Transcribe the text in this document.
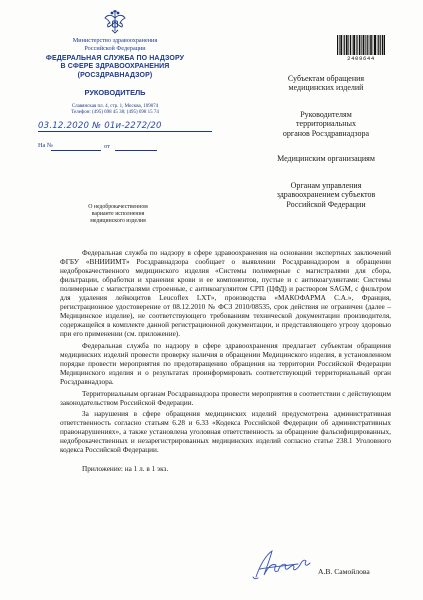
Министерство здравоохранения
Российской Федерации
ФЕДЕРАЛЬНАЯ СЛУЖБА ПО НАДЗОРУ
В СФЕРЕ ЗДРАВООХРАНЕНИЯ
(РОСЗДРАВНАДЗОР)
РУКОВОДИТЕЛЬ
Славянская пл. 4, стр. 1, Москва, 109074
Телефон: (495) 698 45 38; (495) 698 15 74
03.12.2020 № 01и-2272/20
На №	от
О недоброкачественном
варианте исполнения
медицинского изделия
2409644
Субъектам обращения
медицинских изделий
Руководителям
территориальных
органов Росздравнадзора
Медицинским организациям
Органам управления
здравоохранением субъектов
Российской Федерации

Федеральная служба по надзору в сфере здравоохранения на основании экспертных заключений ФГБУ «ВНИИИМТ» Росздравнадзора сообщает о выявлении Росздравнадзором в обращении недоброкачественного медицинского изделия «Системы полимерные с магистралями для сбора, фильтрации, обработки и хранения крови и ее компонентов, пустые и с антикоагулянтами: Системы полимерные с магистралями строенные, с антикоагулянтом СРП (ЦФД) и раствором SAGM, с фильтром для удаления лейкоцитов Leucoflex LXT», производства «МАКОФАРМА С.А.», Франция, регистрационное удостоверение от 08.12.2010 № ФСЗ 2010/08535, срок действия не ограничен (далее – Медицинское изделие), не соответствующего требованиям технической документации производителя, содержащейся в комплекте данной регистрационной документации, и представляющего угрозу здоровью при его применении (см. приложение).

Федеральная служба по надзору в сфере здравоохранения предлагает субъектам обращения медицинских изделий провести проверку наличия в обращении Медицинского изделия, в установленном порядке провести мероприятия по предотвращению обращения на территории Российской Федерации Медицинского изделия и о результатах проинформировать соответствующий территориальный орган Росздравнадзора.

Территориальным органам Росздравнадзора провести мероприятия в соответствии с действующим законодательством Российской Федерации.

За нарушения в сфере обращения медицинских изделий предусмотрена административная ответственность согласно статьям 6.28 и 6.33 «Кодекса Российской Федерации об административных правонарушениях», а также установлена уголовная ответственность за обращение фальсифицированных, недоброкачественных и незарегистрированных медицинских изделий согласно статье 238.1 Уголовного кодекса Российской Федерации.

Приложение: на 1 л. в 1 экз.

А.В. Самойлова
